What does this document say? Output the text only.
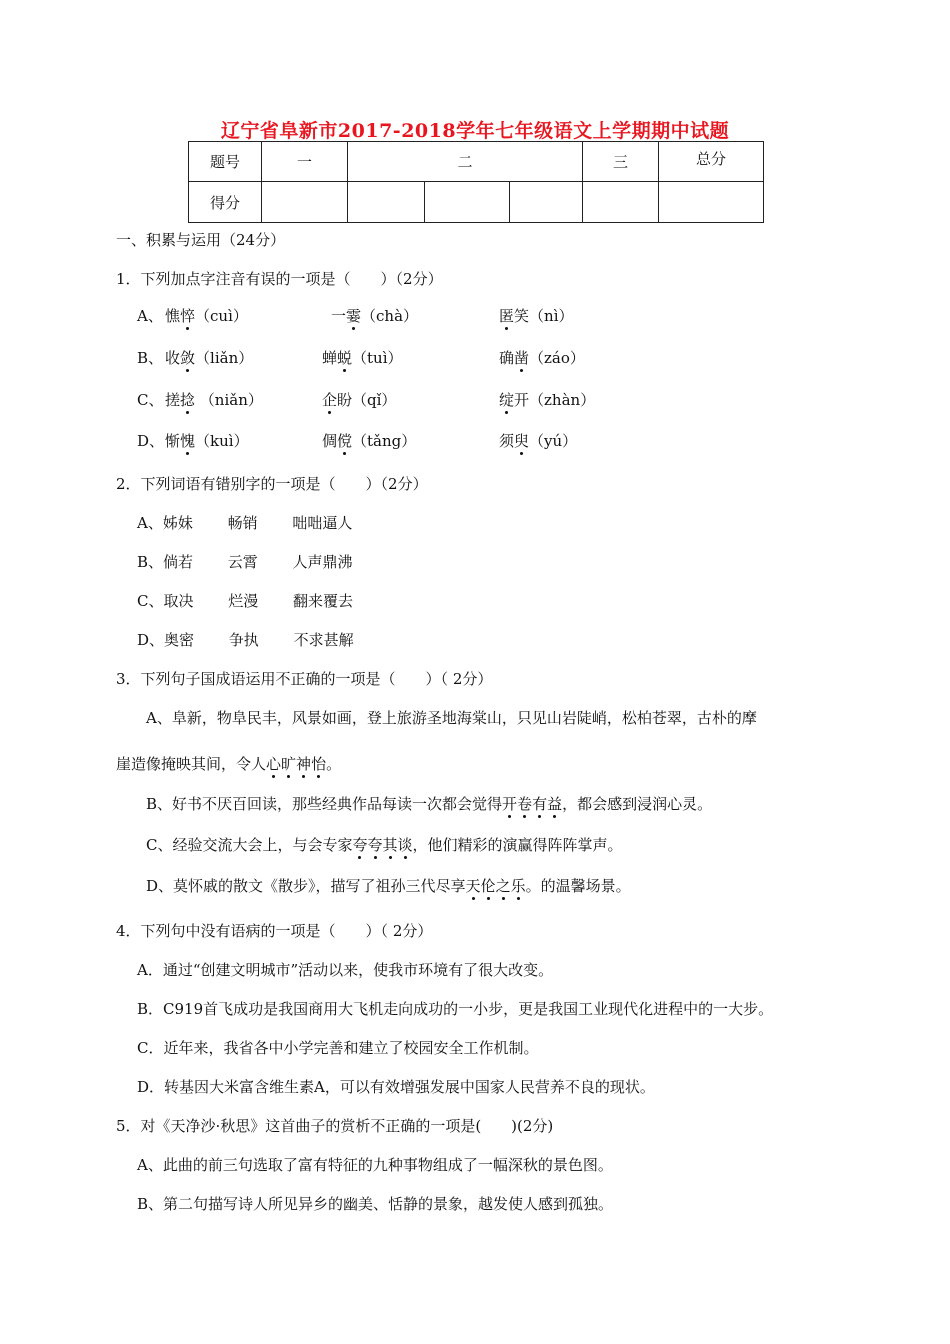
辽宁省阜新市2017-2018学年七年级语文上学期期中试题
题号	一	二			三	总分
得分						
一、积累与运用（24分）
1．下列加点字注音有误的一项是（　　）（2分）
A、 憔悴（cuì）	一霎（chà）	匿笑（nì）
B、 收敛（liǎn）	蝉蜕（tuì）	确凿（záo）
C、 搓捻 （niǎn）	企盼（qǐ）	绽开（zhàn）
D、 惭愧（kuì）	倜傥（tǎng）	须臾（yú）
2．下列词语有错别字的一项是（　　）（2分）
A、姊妹　　 畅销　　 咄咄逼人
B、倘若　　 云霄　　 人声鼎沸
C、取决　　 烂漫　　 翻来覆去
D、奥密　　 争执　　 不求甚解
3．下列句子国成语运用不正确的一项是（　　）（ 2分）
A、阜新，物阜民丰，风景如画，登上旅游圣地海棠山，只见山岩陡峭，松柏苍翠，古朴的摩
崖造像掩映其间，令人心旷神怡。
B、好书不厌百回读，那些经典作品每读一次都会觉得开卷有益，都会感到浸润心灵。
C、经验交流大会上，与会专家夸夸其谈，他们精彩的演赢得阵阵掌声。
D、莫怀戚的散文《散步》，描写了祖孙三代尽享天伦之乐。的温馨场景。
4．下列句中没有语病的一项是（　　）（ 2分）
A．通过“创建文明城市”活动以来，使我市环境有了很大改变。
B．C919首飞成功是我国商用大飞机走向成功的一小步，更是我国工业现代化进程中的一大步。
C．近年来，我省各中小学完善和建立了校园安全工作机制。
D．转基因大米富含维生素A，可以有效增强发展中国家人民营养不良的现状。
5．对《天净沙·秋思》这首曲子的赏析不正确的一项是(　　)(2分)
A、此曲的前三句选取了富有特征的九种事物组成了一幅深秋的景色图。
B、第二句描写诗人所见异乡的幽美、恬静的景象，越发使人感到孤独。
